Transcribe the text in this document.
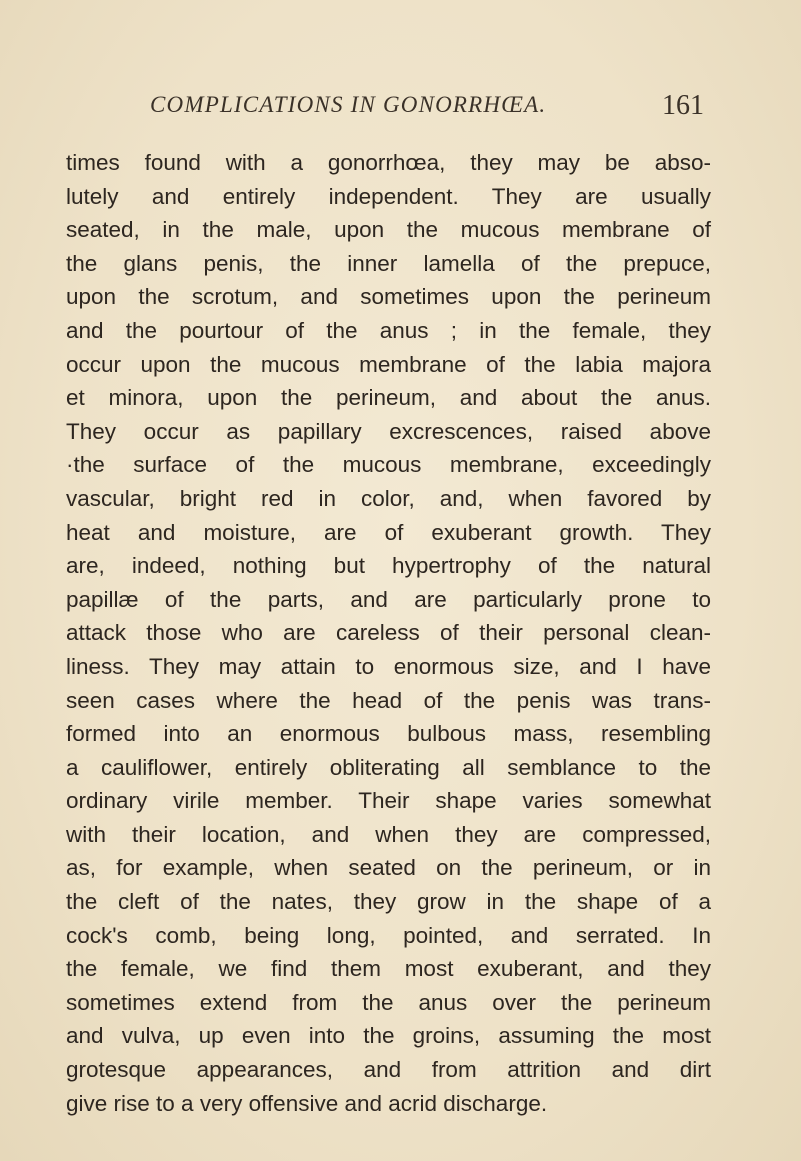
COMPLICATIONS IN GONORRHŒA.	161
times found with a gonorrhœa, they may be abso-
lutely and entirely independent. They are usually
seated, in the male, upon the mucous membrane of
the glans penis, the inner lamella of the prepuce,
upon the scrotum, and sometimes upon the perineum
and the pourtour of the anus ; in the female, they
occur upon the mucous membrane of the labia majora
et minora, upon the perineum, and about the anus.
They occur as papillary excrescences, raised above
·the surface of the mucous membrane, exceedingly
vascular, bright red in color, and, when favored by
heat and moisture, are of exuberant growth. They
are, indeed, nothing but hypertrophy of the natural
papillæ of the parts, and are particularly prone to
attack those who are careless of their personal clean-
liness. They may attain to enormous size, and I have
seen cases where the head of the penis was trans-
formed into an enormous bulbous mass, resembling
a cauliflower, entirely obliterating all semblance to the
ordinary virile member. Their shape varies somewhat
with their location, and when they are compressed,
as, for example, when seated on the perineum, or in
the cleft of the nates, they grow in the shape of a
cock's comb, being long, pointed, and serrated. In
the female, we find them most exuberant, and they
sometimes extend from the anus over the perineum
and vulva, up even into the groins, assuming the most
grotesque appearances, and from attrition and dirt
give rise to a very offensive and acrid discharge.
